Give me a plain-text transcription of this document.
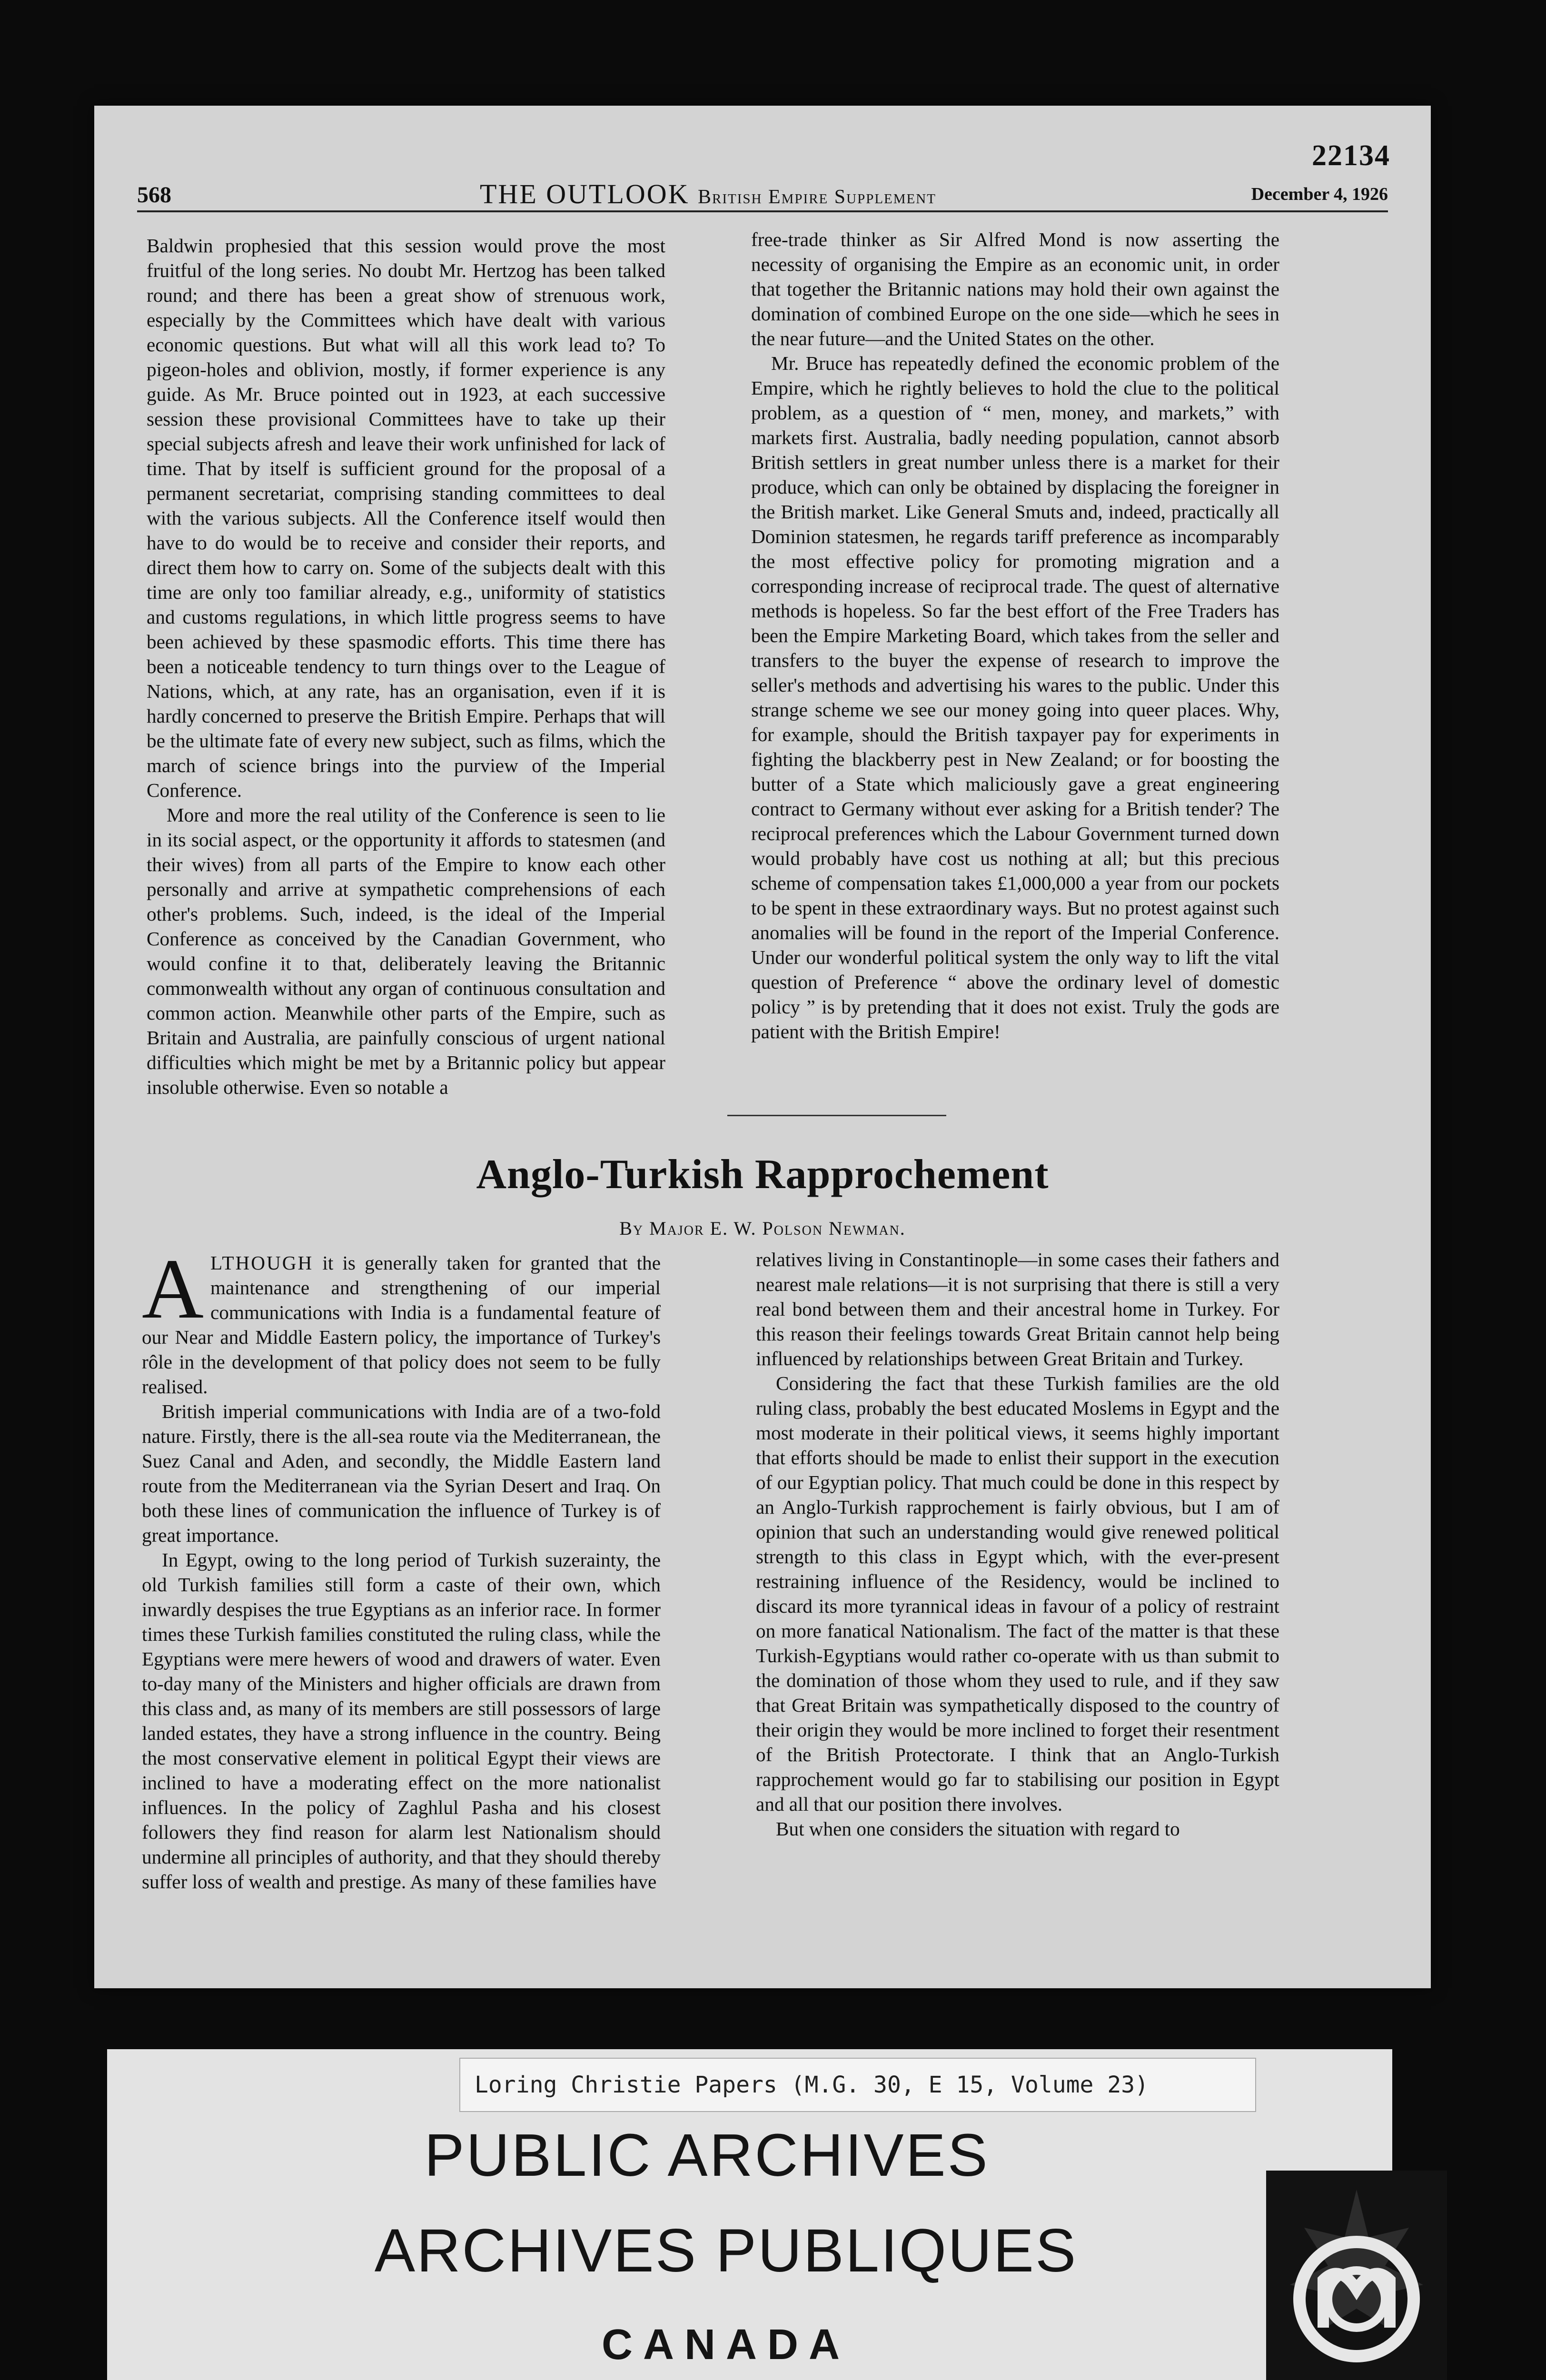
22134
568	THE OUTLOOK British Empire Supplement	December 4, 1926

Baldwin prophesied that this session would prove the most fruitful of the long series. No doubt Mr. Hertzog has been talked round; and there has been a great show of strenuous work, especially by the Committees which have dealt with various economic questions. But what will all this work lead to? To pigeon-holes and oblivion, mostly, if former experience is any guide. As Mr. Bruce pointed out in 1923, at each successive session these provisional Committees have to take up their special subjects afresh and leave their work unfinished for lack of time. That by itself is sufficient ground for the proposal of a permanent secretariat, comprising standing committees to deal with the various subjects. All the Conference itself would then have to do would be to receive and consider their reports, and direct them how to carry on. Some of the subjects dealt with this time are only too familiar already, e.g., uniformity of statistics and customs regulations, in which little progress seems to have been achieved by these spasmodic efforts. This time there has been a noticeable tendency to turn things over to the League of Nations, which, at any rate, has an organisation, even if it is hardly concerned to preserve the British Empire. Perhaps that will be the ultimate fate of every new subject, such as films, which the march of science brings into the purview of the Imperial Conference.

More and more the real utility of the Conference is seen to lie in its social aspect, or the opportunity it affords to statesmen (and their wives) from all parts of the Empire to know each other personally and arrive at sympathetic comprehensions of each other's problems. Such, indeed, is the ideal of the Imperial Conference as conceived by the Canadian Government, who would confine it to that, deliberately leaving the Britannic commonwealth without any organ of continuous consultation and common action. Meanwhile other parts of the Empire, such as Britain and Australia, are painfully conscious of urgent national difficulties which might be met by a Britannic policy but appear insoluble otherwise. Even so notable a

free-trade thinker as Sir Alfred Mond is now asserting the necessity of organising the Empire as an economic unit, in order that together the Britannic nations may hold their own against the domination of combined Europe on the one side—which he sees in the near future—and the United States on the other.

Mr. Bruce has repeatedly defined the economic problem of the Empire, which he rightly believes to hold the clue to the political problem, as a question of “ men, money, and markets,” with markets first. Australia, badly needing population, cannot absorb British settlers in great number unless there is a market for their produce, which can only be obtained by displacing the foreigner in the British market. Like General Smuts and, indeed, practically all Dominion statesmen, he regards tariff preference as incomparably the most effective policy for promoting migration and a corresponding increase of reciprocal trade. The quest of alternative methods is hopeless. So far the best effort of the Free Traders has been the Empire Marketing Board, which takes from the seller and transfers to the buyer the expense of research to improve the seller's methods and advertising his wares to the public. Under this strange scheme we see our money going into queer places. Why, for example, should the British taxpayer pay for experiments in fighting the blackberry pest in New Zealand; or for boosting the butter of a State which maliciously gave a great engineering contract to Germany without ever asking for a British tender? The reciprocal preferences which the Labour Government turned down would probably have cost us nothing at all; but this precious scheme of compensation takes £1,000,000 a year from our pockets to be spent in these extraordinary ways. But no protest against such anomalies will be found in the report of the Imperial Conference. Under our wonderful political system the only way to lift the vital question of Preference “ above the ordinary level of domestic policy ” is by pretending that it does not exist. Truly the gods are patient with the British Empire!

Anglo-Turkish Rapprochement
By Major E. W. Polson Newman.

ALTHOUGH it is generally taken for granted that the maintenance and strengthening of our imperial communications with India is a fundamental feature of our Near and Middle Eastern policy, the importance of Turkey's rôle in the development of that policy does not seem to be fully realised.

British imperial communications with India are of a two-fold nature. Firstly, there is the all-sea route via the Mediterranean, the Suez Canal and Aden, and secondly, the Middle Eastern land route from the Mediterranean via the Syrian Desert and Iraq. On both these lines of communication the influence of Turkey is of great importance.

In Egypt, owing to the long period of Turkish suzerainty, the old Turkish families still form a caste of their own, which inwardly despises the true Egyptians as an inferior race. In former times these Turkish families constituted the ruling class, while the Egyptians were mere hewers of wood and drawers of water. Even to-day many of the Ministers and higher officials are drawn from this class and, as many of its members are still possessors of large landed estates, they have a strong influence in the country. Being the most conservative element in political Egypt their views are inclined to have a moderating effect on the more nationalist influences. In the policy of Zaghlul Pasha and his closest followers they find reason for alarm lest Nationalism should undermine all principles of authority, and that they should thereby suffer loss of wealth and prestige. As many of these families have

relatives living in Constantinople—in some cases their fathers and nearest male relations—it is not surprising that there is still a very real bond between them and their ancestral home in Turkey. For this reason their feelings towards Great Britain cannot help being influenced by relationships between Great Britain and Turkey.

Considering the fact that these Turkish families are the old ruling class, probably the best educated Moslems in Egypt and the most moderate in their political views, it seems highly important that efforts should be made to enlist their support in the execution of our Egyptian policy. That much could be done in this respect by an Anglo-Turkish rapprochement is fairly obvious, but I am of opinion that such an understanding would give renewed political strength to this class in Egypt which, with the ever-present restraining influence of the Residency, would be inclined to discard its more tyrannical ideas in favour of a policy of restraint on more fanatical Nationalism. The fact of the matter is that these Turkish-Egyptians would rather co-operate with us than submit to the domination of those whom they used to rule, and if they saw that Great Britain was sympathetically disposed to the country of their origin they would be more inclined to forget their resentment of the British Protectorate. I think that an Anglo-Turkish rapprochement would go far to stabilising our position in Egypt and all that our position there involves.

But when one considers the situation with regard to

Loring Christie Papers (M.G. 30, E 15, Volume 23)
PUBLIC ARCHIVES
ARCHIVES PUBLIQUES
CANADA
